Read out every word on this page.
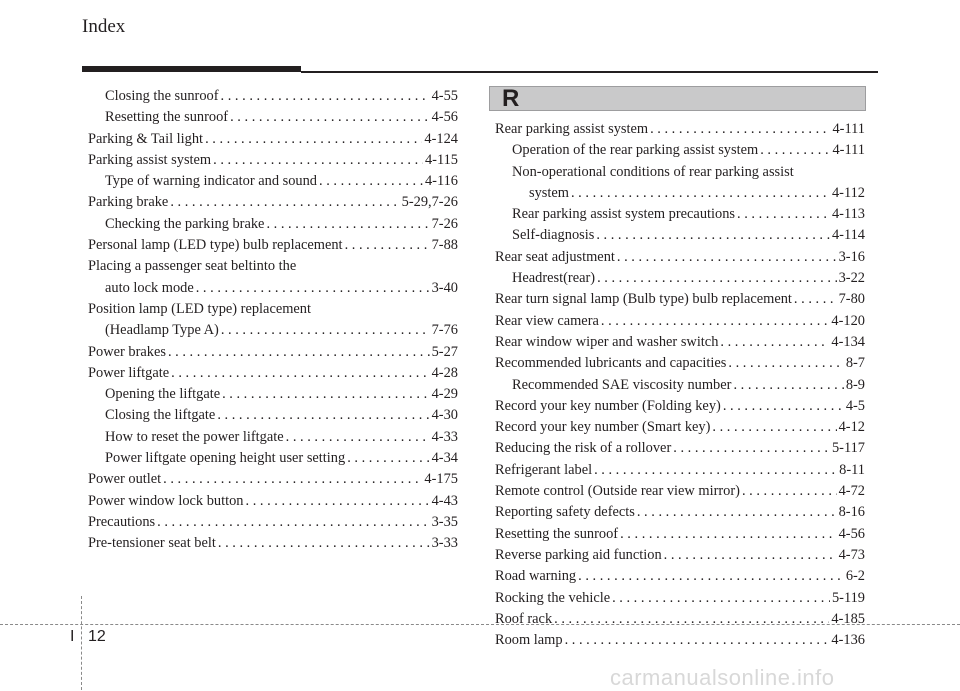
Index
Closing the sunroof . . .	4-55
Resetting the sunroof . . .	4-56
Parking & Tail light . . .	4-124
Parking assist system . . .	4-115
Type of warning indicator and sound . . .	4-116
Parking brake . . .	5-29,7-26
Checking the parking brake . . .	7-26
Personal lamp (LED type) bulb replacement . . .	7-88
Placing a passenger seat beltinto the
auto lock mode . . .	3-40
Position lamp (LED type) replacement
(Headlamp Type A) . . .	7-76
Power brakes . . .	5-27
Power liftgate . . .	4-28
Opening the liftgate . . .	4-29
Closing the liftgate . . .	4-30
How to reset the power liftgate . . .	4-33
Power liftgate opening height user setting . . .	4-34
Power outlet . . .	4-175
Power window lock button . . .	4-43
Precautions . . .	3-35
Pre-tensioner seat belt . . .	3-33
R
Rear parking assist system . . .	4-111
Operation of the rear parking assist system . . .	4-111
Non-operational conditions of rear parking assist
system . . .	4-112
Rear parking assist system precautions . . .	4-113
Self-diagnosis . . .	4-114
Rear seat adjustment . . .	3-16
Headrest(rear) . . .	3-22
Rear turn signal lamp (Bulb type) bulb replacement . . .	7-80
Rear view camera . . .	4-120
Rear window wiper and washer switch . . .	4-134
Recommended lubricants and capacities . . .	8-7
Recommended SAE viscosity number . . .	8-9
Record your key number (Folding key) . . .	4-5
Record your key number (Smart key) . . .	4-12
Reducing the risk of a rollover . . .	5-117
Refrigerant label . . .	8-11
Remote control (Outside rear view mirror) . . .	4-72
Reporting safety defects . . .	8-16
Resetting the sunroof . . .	4-56
Reverse parking aid function . . .	4-73
Road warning . . .	6-2
Rocking the vehicle . . .	5-119
Roof rack . . .	4-185
Room lamp . . .	4-136
I 12
carmanualsonline.info
